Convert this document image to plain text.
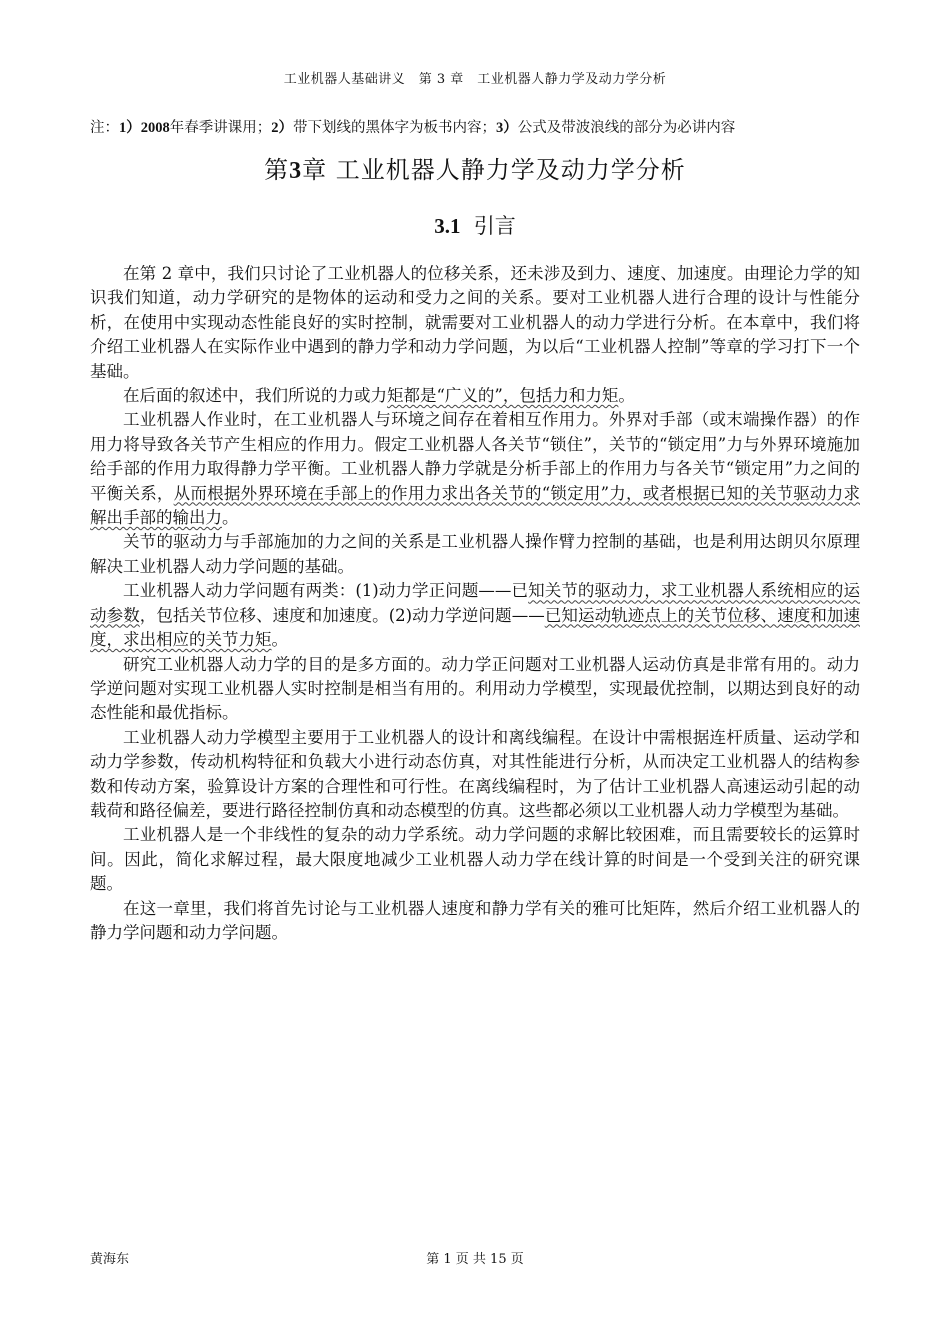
工业机器人基础讲义　第 3 章　工业机器人静力学及动力学分析
注：1）2008年春季讲课用；2）带下划线的黑体字为板书内容；3）公式及带波浪线的部分为必讲内容
第3章 工业机器人静力学及动力学分析
3.1 引言

在第 2 章中，我们只讨论了工业机器人的位移关系，还未涉及到力、速度、加速度。由理论力学的知识我们知道，动力学研究的是物体的运动和受力之间的关系。要对工业机器人进行合理的设计与性能分析，在使用中实现动态性能良好的实时控制，就需要对工业机器人的动力学进行分析。在本章中，我们将介绍工业机器人在实际作业中遇到的静力学和动力学问题，为以后“工业机器人控制”等章的学习打下一个基础。

在后面的叙述中，我们所说的力或力矩都是“广义的”，包括力和力矩。

工业机器人作业时，在工业机器人与环境之间存在着相互作用力。外界对手部（或末端操作器）的作用力将导致各关节产生相应的作用力。假定工业机器人各关节“锁住”，关节的“锁定用”力与外界环境施加给手部的作用力取得静力学平衡。工业机器人静力学就是分析手部上的作用力与各关节“锁定用”力之间的平衡关系，从而根据外界环境在手部上的作用力求出各关节的“锁定用”力，或者根据已知的关节驱动力求解出手部的输出力。

关节的驱动力与手部施加的力之间的关系是工业机器人操作臂力控制的基础，也是利用达朗贝尔原理解决工业机器人动力学问题的基础。

工业机器人动力学问题有两类：(1)动力学正问题——已知关节的驱动力，求工业机器人系统相应的运动参数，包括关节位移、速度和加速度。(2)动力学逆问题——已知运动轨迹点上的关节位移、速度和加速度，求出相应的关节力矩。

研究工业机器人动力学的目的是多方面的。动力学正问题对工业机器人运动仿真是非常有用的。动力学逆问题对实现工业机器人实时控制是相当有用的。利用动力学模型，实现最优控制，以期达到良好的动态性能和最优指标。

工业机器人动力学模型主要用于工业机器人的设计和离线编程。在设计中需根据连杆质量、运动学和动力学参数，传动机构特征和负载大小进行动态仿真，对其性能进行分析，从而决定工业机器人的结构参数和传动方案，验算设计方案的合理性和可行性。在离线编程时，为了估计工业机器人高速运动引起的动载荷和路径偏差，要进行路径控制仿真和动态模型的仿真。这些都必须以工业机器人动力学模型为基础。

工业机器人是一个非线性的复杂的动力学系统。动力学问题的求解比较困难，而且需要较长的运算时间。因此，简化求解过程，最大限度地减少工业机器人动力学在线计算的时间是一个受到关注的研究课题。

在这一章里，我们将首先讨论与工业机器人速度和静力学有关的雅可比矩阵，然后介绍工业机器人的静力学问题和动力学问题。

黄海东	第 1 页 共 15 页
